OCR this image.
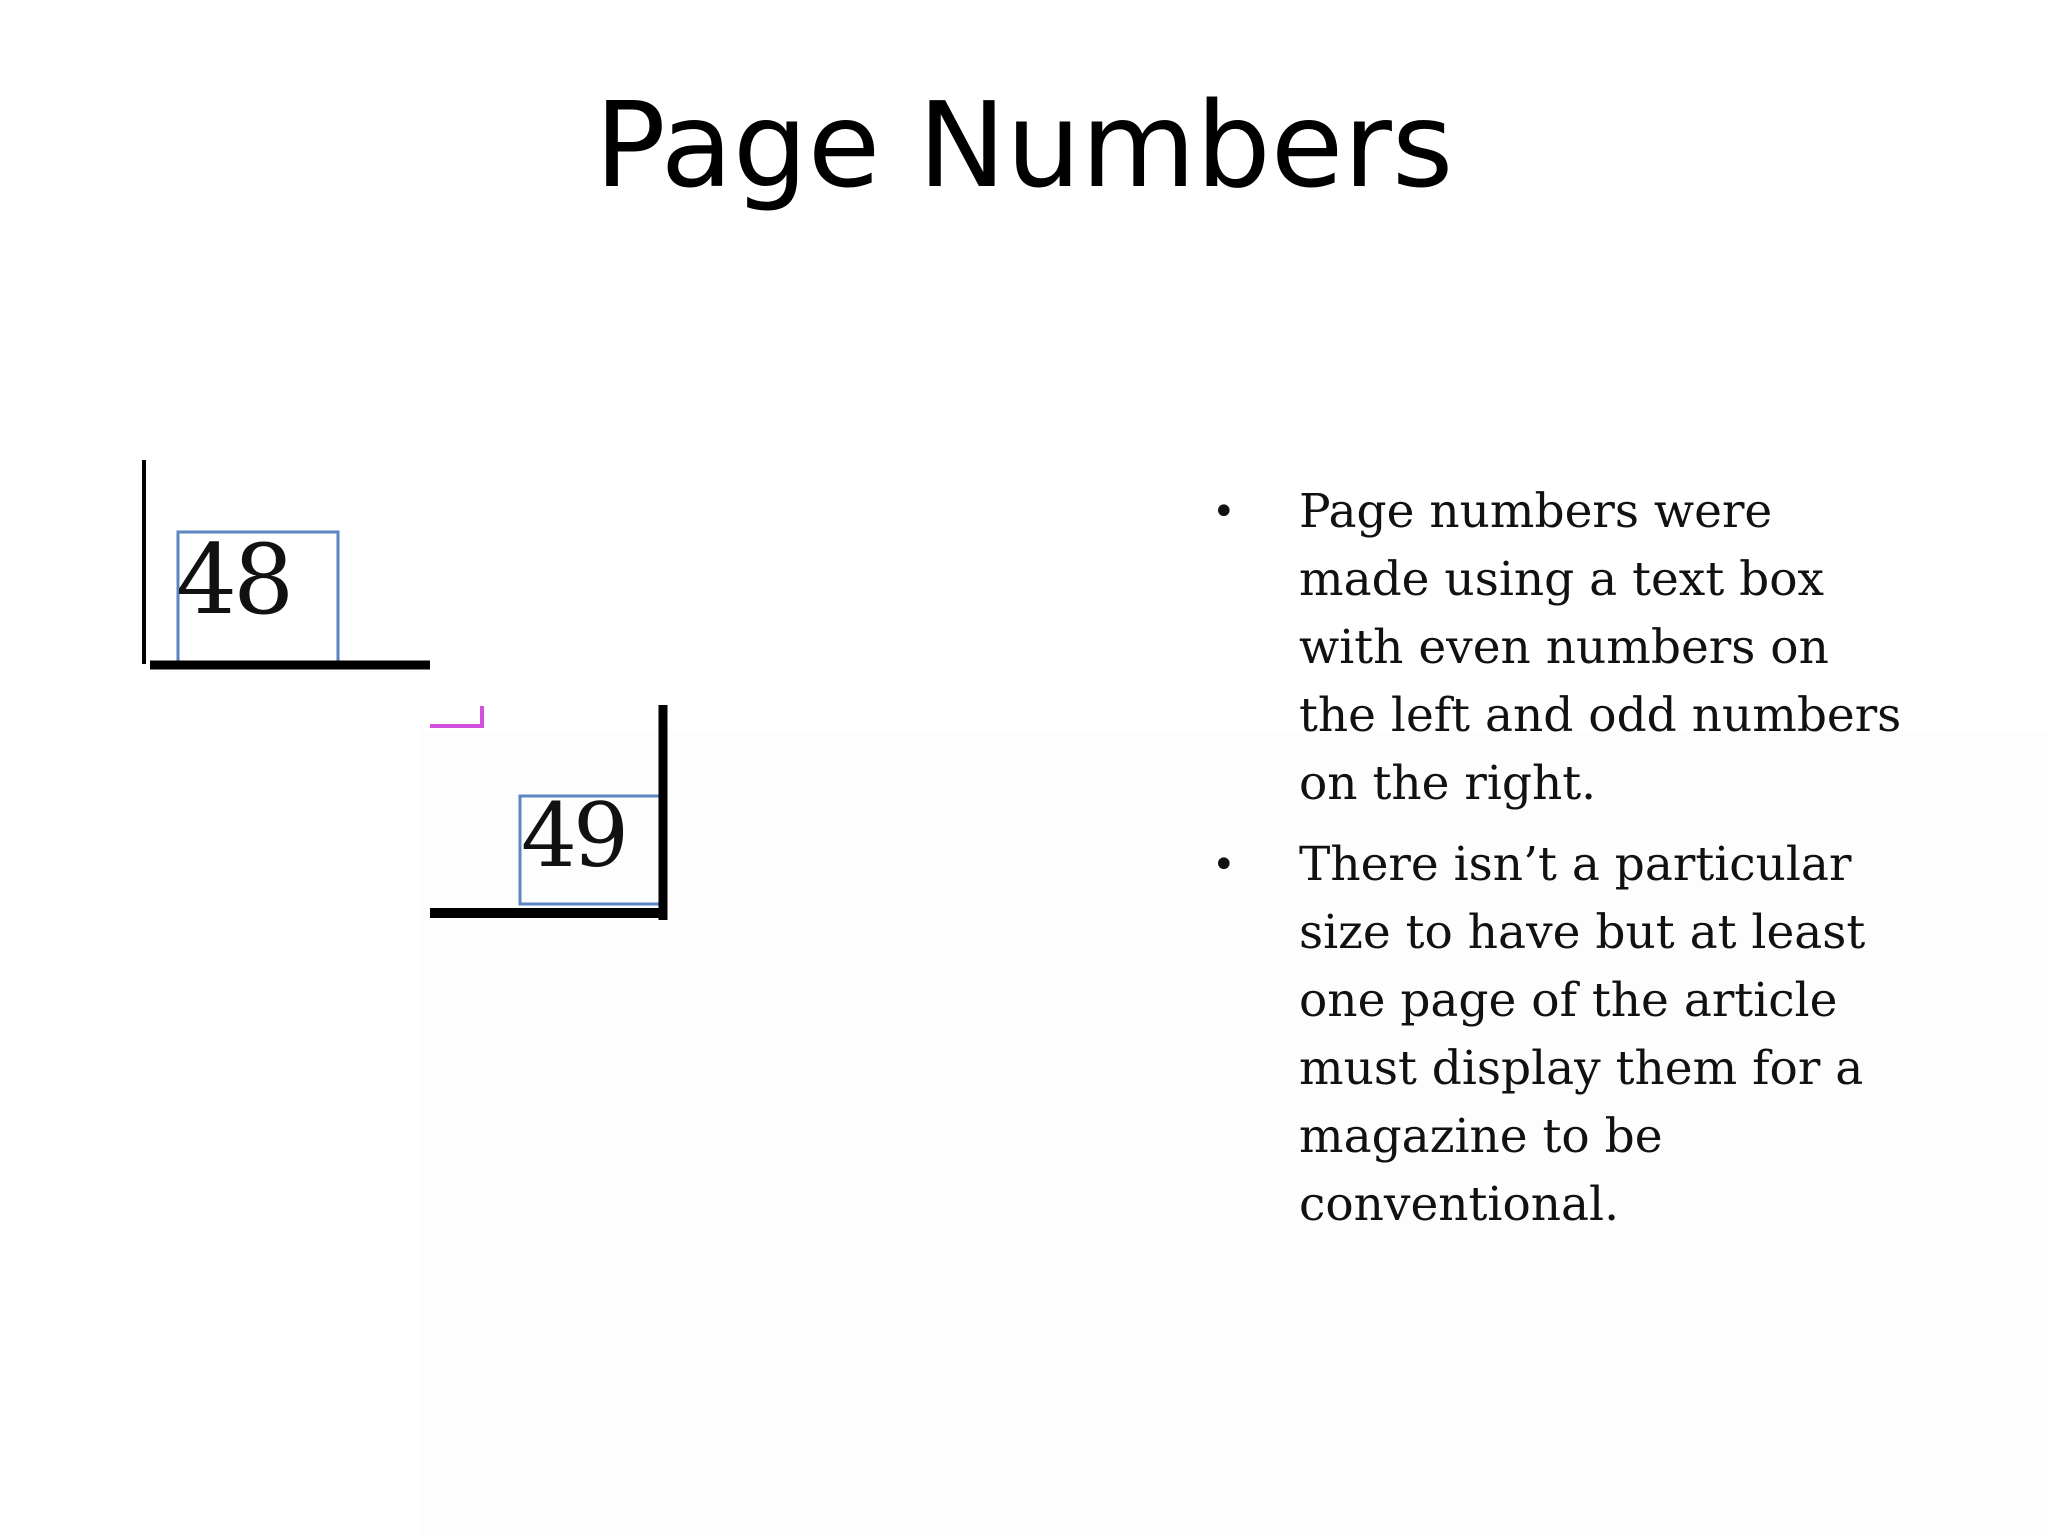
Page Numbers
48
49
• Page numbers were made using a text box with even numbers on the left and odd numbers on the right.
• There isn’t a particular size to have but at least one page of the article must display them for a magazine to be conventional.
